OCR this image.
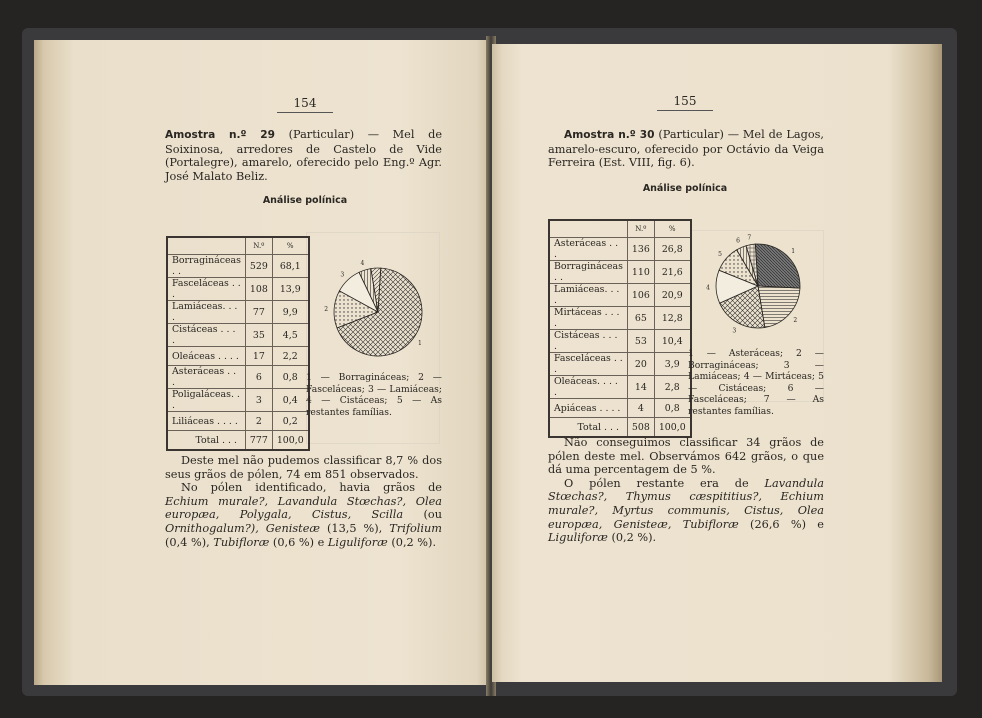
154

Amostra n.º 29 (Particular) — Mel de Soixinosa, arredores de Castelo de Vide (Portalegre), amarelo, oferecido pelo Eng.º Agr. José Malato Beliz.

Análise polínica
	N.º	%
Borragináceas . .	529	68,1
Fasceláceas . . .	108	13,9
Lamiáceas. . . .	77	9,9
Cistáceas . . . .	35	4,5
Oleáceas . . . .	17	2,2
Asteráceas . . .	6	0,8
Poligaláceas. . .	3	0,4
Liliáceas . . . .	2	0,2
Total . . .	777	100,0
1
2
3
4
1 — Borragináceas; 2 — Fasceláceas; 3 — Lamiáceas; 4 — Cistáceas; 5 — As restantes famílias.

Deste mel não pudemos classificar 8,7 % dos seus grãos de pólen, 74 em 851 observados.

No pólen identificado, havia grãos de Echium murale?, Lavandula Stœchas?, Olea europæa, Polygala, Cistus, Scilla (ou Ornithogalum?), Genisteæ (13,5 %), Trifolium (0,4 %), Tubifloræ (0,6 %) e Liguliforæ (0,2 %).

155

Amostra n.º 30 (Particular) — Mel de Lagos, amarelo-escuro, oferecido por Octávio da Veiga Ferreira (Est. VIII, fig. 6).

Análise polínica
	N.º	%
Asteráceas . . .	136	26,8
Borragináceas . .	110	21,6
Lamiáceas. . . .	106	20,9
Mirtáceas . . . .	65	12,8
Cistáceas . . . .	53	10,4
Fasceláceas . . .	20	3,9
Oleáceas. . . . .	14	2,8
Apiáceas . . . .	4	0,8
Total . . .	508	100,0
1
2
3
4
5
6 7
1 — Asteráceas; 2 — Borragináceas; 3 — Lamiáceas; 4 — Mirtáceas; 5 — Cistáceas; 6 — Fasceláceas; 7 — As restantes famílias.

Não conseguimos classificar 34 grãos de pólen deste mel. Observámos 642 grãos, o que dá uma percentagem de 5 %.

O pólen restante era de Lavandula Stœchas?, Thymus cæspititius?, Echium murale?, Myrtus communis, Cistus, Olea europæa, Genisteæ, Tubifloræ (26,6 %) e Liguliforæ (0,2 %).
